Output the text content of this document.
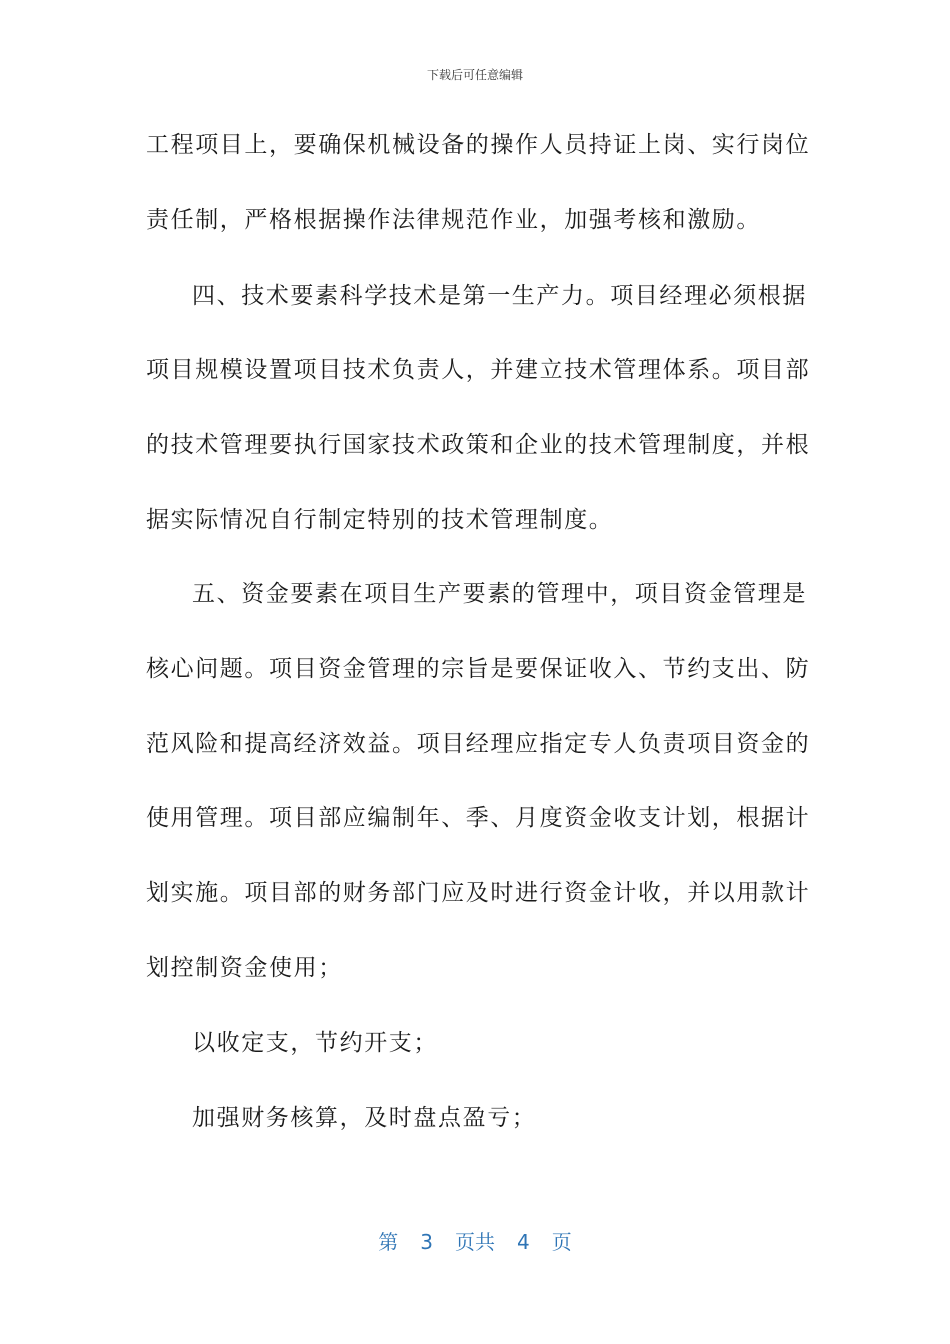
下载后可任意编辑
工程项目上，要确保机械设备的操作人员持证上岗、实行岗位
责任制，严格根据操作法律规范作业，加强考核和激励。
四、技术要素科学技术是第一生产力。项目经理必须根据
项目规模设置项目技术负责人，并建立技术管理体系。项目部
的技术管理要执行国家技术政策和企业的技术管理制度，并根
据实际情况自行制定特别的技术管理制度。
五、资金要素在项目生产要素的管理中，项目资金管理是
核心问题。项目资金管理的宗旨是要保证收入、节约支出、防
范风险和提高经济效益。项目经理应指定专人负责项目资金的
使用管理。项目部应编制年、季、月度资金收支计划，根据计
划实施。项目部的财务部门应及时进行资金计收，并以用款计
划控制资金使用；
以收定支，节约开支；
加强财务核算，及时盘点盈亏；
第 3 页共 4 页
